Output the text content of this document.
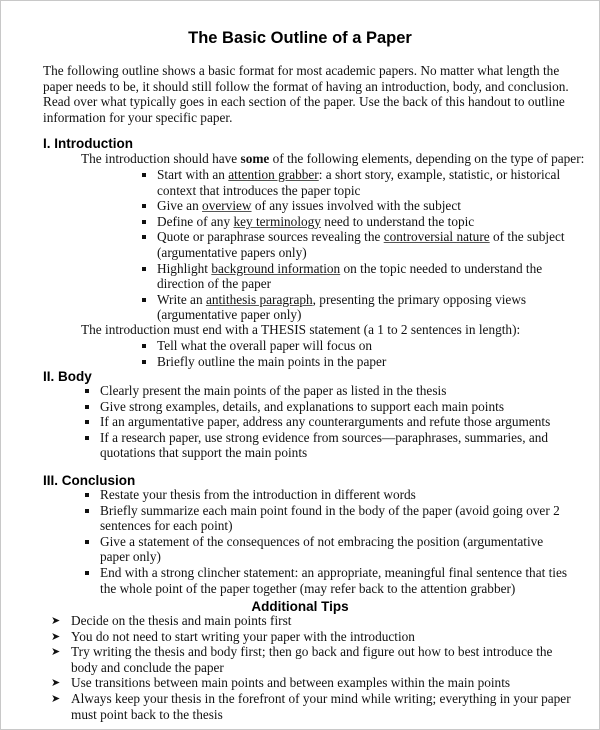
The Basic Outline of a Paper

The following outline shows a basic format for most academic papers. No matter what length the paper needs to be, it should still follow the format of having an introduction, body, and conclusion. Read over what typically goes in each section of the paper. Use the back of this handout to outline information for your specific paper.

I. Introduction

The introduction should have some of the following elements, depending on the type of paper:

Start with an attention grabber: a short story, example, statistic, or historical context that introduces the paper topic
Give an overview of any issues involved with the subject
Define of any key terminology need to understand the topic
Quote or paraphrase sources revealing the controversial nature of the subject (argumentative papers only)
Highlight background information on the topic needed to understand the direction of the paper
Write an antithesis paragraph, presenting the primary opposing views (argumentative paper only)

The introduction must end with a THESIS statement (a 1 to 2 sentences in length):

Tell what the overall paper will focus on
Briefly outline the main points in the paper
II. Body
Clearly present the main points of the paper as listed in the thesis
Give strong examples, details, and explanations to support each main points
If an argumentative paper, address any counterarguments and refute those arguments
If a research paper, use strong evidence from sources—paraphrases, summaries, and quotations that support the main points
III. Conclusion
Restate your thesis from the introduction in different words
Briefly summarize each main point found in the body of the paper (avoid going over 2 sentences for each point)
Give a statement of the consequences of not embracing the position (argumentative paper only)
End with a strong clincher statement: an appropriate, meaningful final sentence that ties the whole point of the paper together (may refer back to the attention grabber)
Additional Tips
➤ Decide on the thesis and main points first
➤ You do not need to start writing your paper with the introduction
➤ Try writing the thesis and body first; then go back and figure out how to best introduce the body and conclude the paper
➤ Use transitions between main points and between examples within the main points
➤ Always keep your thesis in the forefront of your mind while writing; everything in your paper must point back to the thesis
